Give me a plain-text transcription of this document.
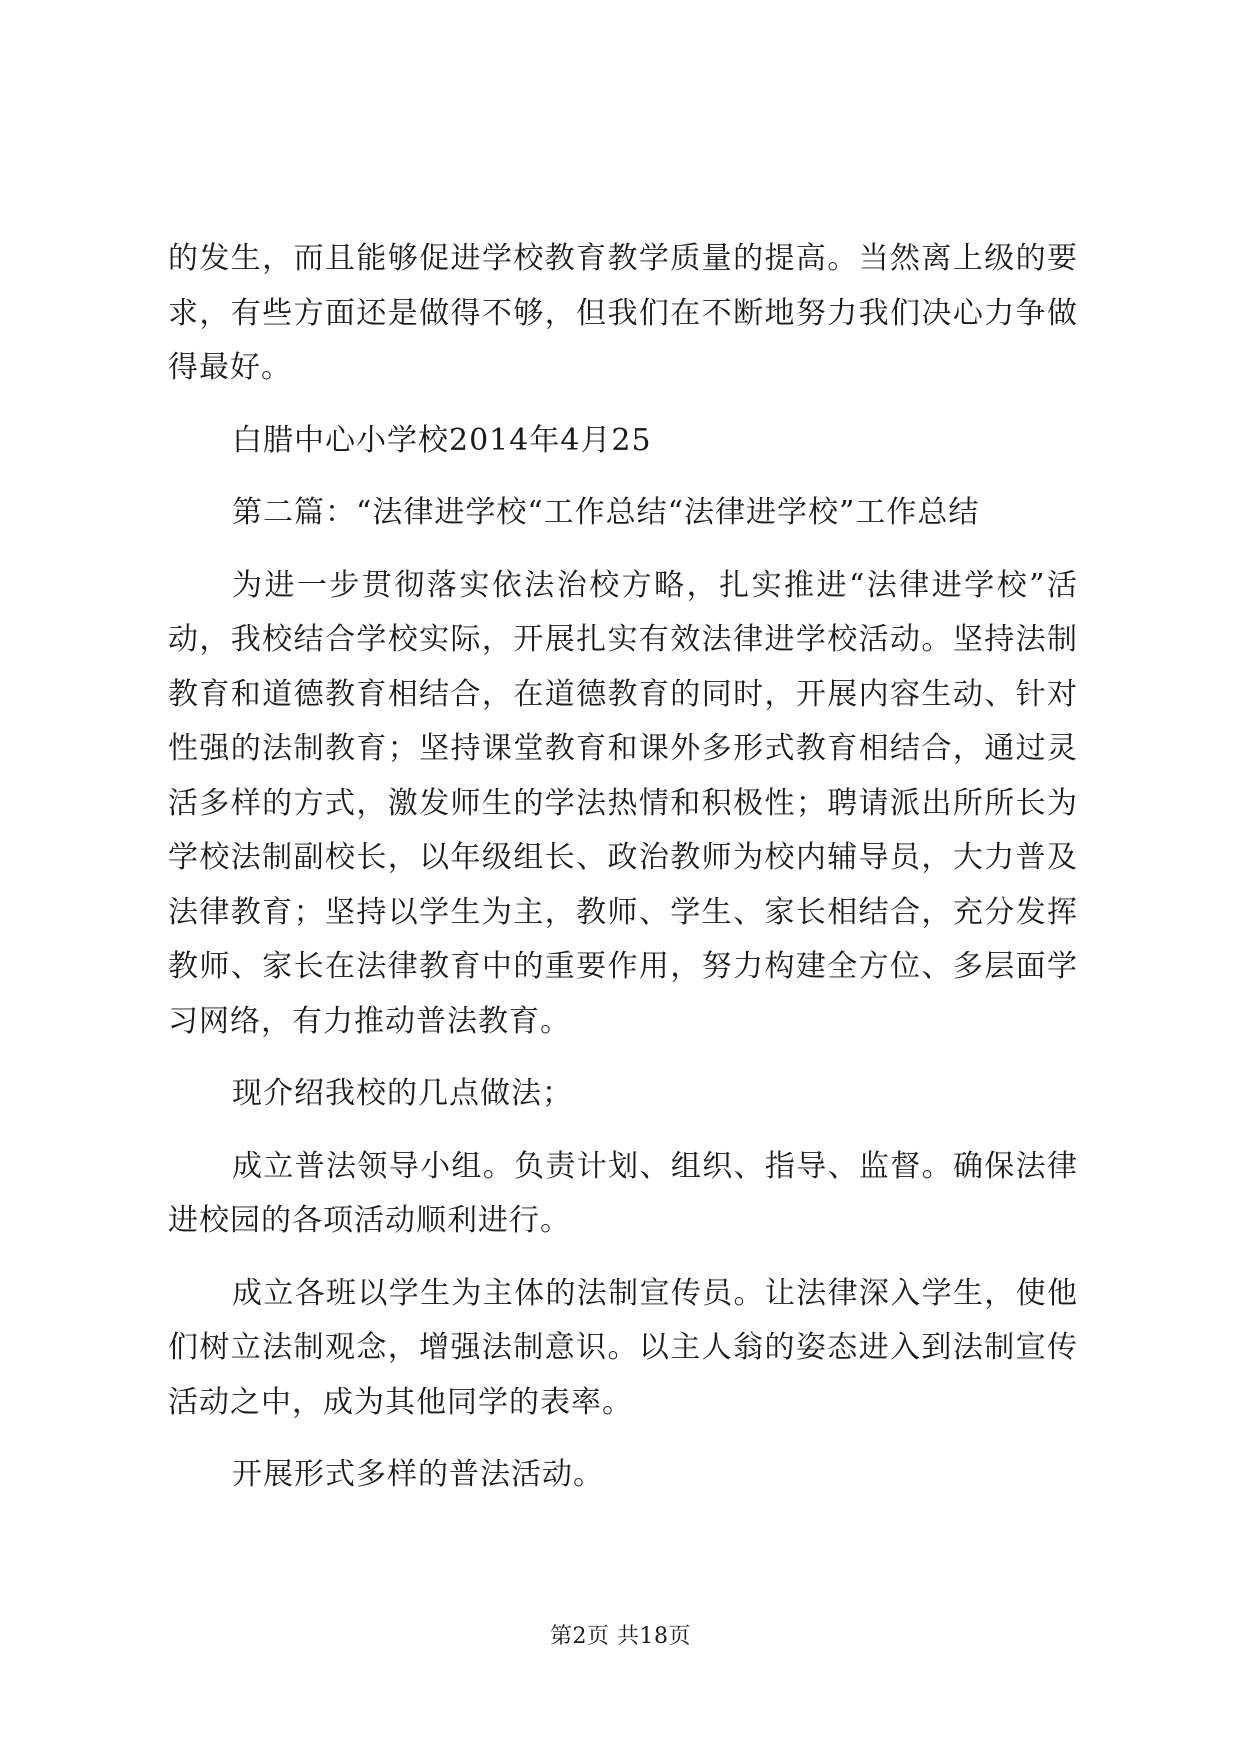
的发生，而且能够促进学校教育教学质量的提高。当然离上级的要求，有些方面还是做得不够，但我们在不断地努力我们决心力争做得最好。

白腊中心小学校2014年4月25

第二篇：“法律进学校“工作总结“法律进学校”工作总结

为进一步贯彻落实依法治校方略，扎实推进“法律进学校”活动，我校结合学校实际，开展扎实有效法律进学校活动。坚持法制教育和道德教育相结合，在道德教育的同时，开展内容生动、针对性强的法制教育；坚持课堂教育和课外多形式教育相结合，通过灵活多样的方式，激发师生的学法热情和积极性；聘请派出所所长为学校法制副校长，以年级组长、政治教师为校内辅导员，大力普及法律教育；坚持以学生为主，教师、学生、家长相结合，充分发挥教师、家长在法律教育中的重要作用，努力构建全方位、多层面学习网络，有力推动普法教育。

现介绍我校的几点做法；

成立普法领导小组。负责计划、组织、指导、监督。确保法律进校园的各项活动顺利进行。

成立各班以学生为主体的法制宣传员。让法律深入学生，使他们树立法制观念，增强法制意识。以主人翁的姿态进入到法制宣传活动之中，成为其他同学的表率。

开展形式多样的普法活动。

第2页 共18页
